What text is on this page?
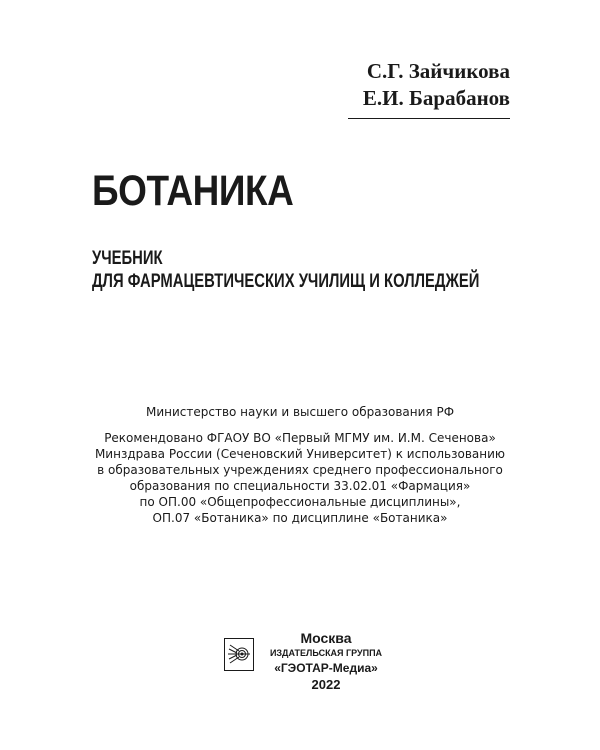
С.Г. Зайчикова
Е.И. Барабанов
БОТАНИКА
УЧЕБНИК
ДЛЯ ФАРМАЦЕВТИЧЕСКИХ УЧИЛИЩ И КОЛЛЕДЖЕЙ
Министерство науки и высшего образования РФ
Рекомендовано ФГАОУ ВО «Первый МГМУ им. И.М. Сеченова»
Минздрава России (Сеченовский Университет) к использованию
в образовательных учреждениях среднего профессионального
образования по специальности 33.02.01 «Фармация»
по ОП.00 «Общепрофессиональные дисциплины»,
ОП.07 «Ботаника» по дисциплине «Ботаника»
Москва
ИЗДАТЕЛЬСКАЯ ГРУППА
«ГЭОТАР-Медиа»
2022
